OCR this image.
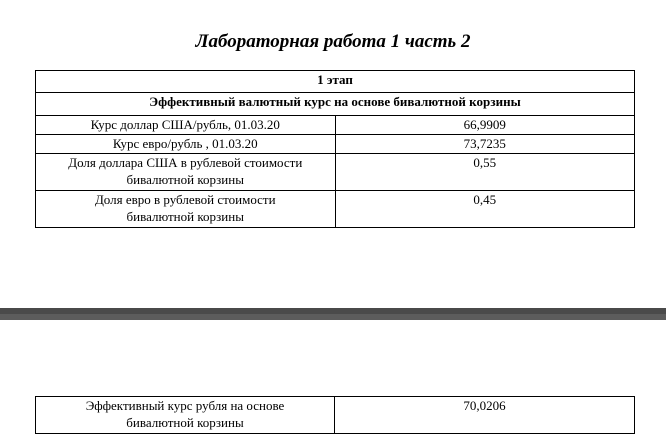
Лабораторная работа 1 часть 2
1 этап	
Эффективный валютный курс на основе бивалютной корзины	
Курс доллар США/рубль, 01.03.20	66,9909
Курс евро/рубль , 01.03.20	73,7235

Доля доллара США в рублевой стоимости
бивалютной корзины	0,55

Доля евро в рублевой стоимости
бивалютной корзины	0,45
Эффективный курс рубля на основе
бивалютной корзины
	70,0206
